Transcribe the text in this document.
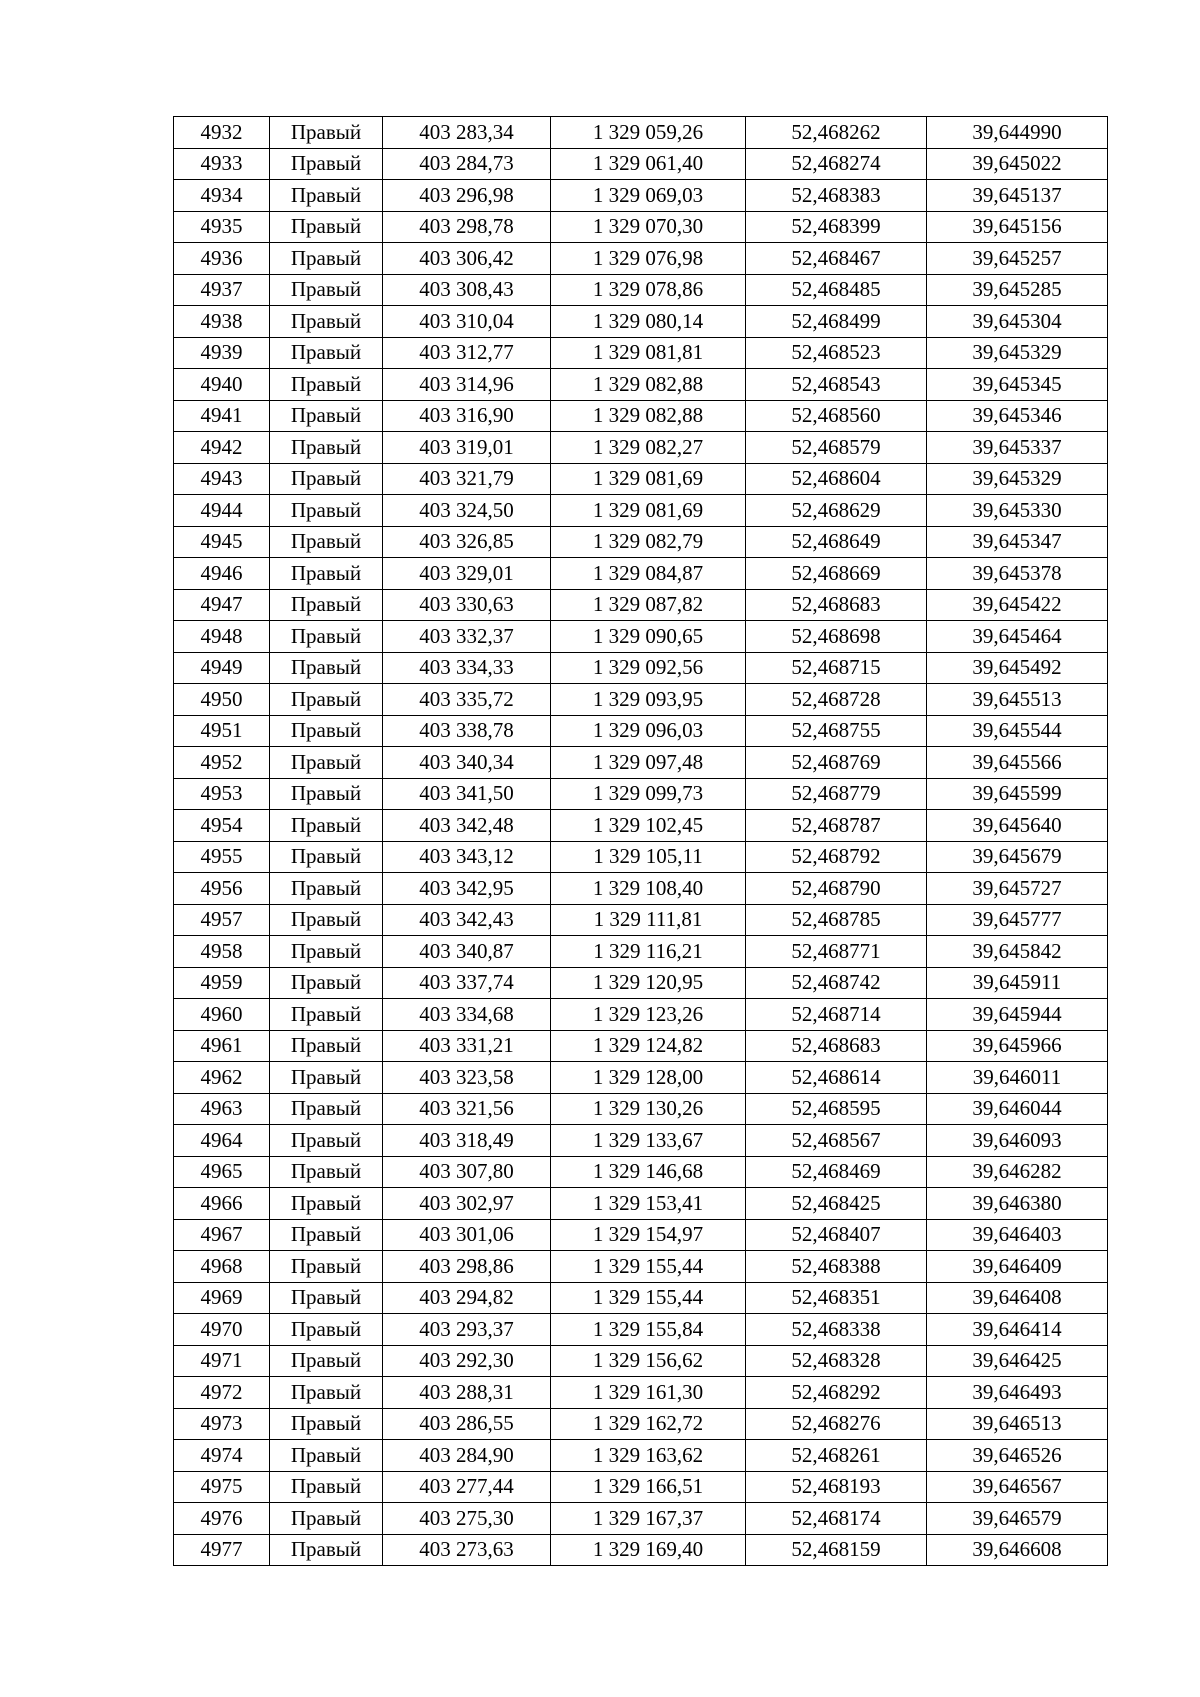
4932	Правый	403 283,34	1 329 059,26	52,468262	39,644990
4933	Правый	403 284,73	1 329 061,40	52,468274	39,645022
4934	Правый	403 296,98	1 329 069,03	52,468383	39,645137
4935	Правый	403 298,78	1 329 070,30	52,468399	39,645156
4936	Правый	403 306,42	1 329 076,98	52,468467	39,645257
4937	Правый	403 308,43	1 329 078,86	52,468485	39,645285
4938	Правый	403 310,04	1 329 080,14	52,468499	39,645304
4939	Правый	403 312,77	1 329 081,81	52,468523	39,645329
4940	Правый	403 314,96	1 329 082,88	52,468543	39,645345
4941	Правый	403 316,90	1 329 082,88	52,468560	39,645346
4942	Правый	403 319,01	1 329 082,27	52,468579	39,645337
4943	Правый	403 321,79	1 329 081,69	52,468604	39,645329
4944	Правый	403 324,50	1 329 081,69	52,468629	39,645330
4945	Правый	403 326,85	1 329 082,79	52,468649	39,645347
4946	Правый	403 329,01	1 329 084,87	52,468669	39,645378
4947	Правый	403 330,63	1 329 087,82	52,468683	39,645422
4948	Правый	403 332,37	1 329 090,65	52,468698	39,645464
4949	Правый	403 334,33	1 329 092,56	52,468715	39,645492
4950	Правый	403 335,72	1 329 093,95	52,468728	39,645513
4951	Правый	403 338,78	1 329 096,03	52,468755	39,645544
4952	Правый	403 340,34	1 329 097,48	52,468769	39,645566
4953	Правый	403 341,50	1 329 099,73	52,468779	39,645599
4954	Правый	403 342,48	1 329 102,45	52,468787	39,645640
4955	Правый	403 343,12	1 329 105,11	52,468792	39,645679
4956	Правый	403 342,95	1 329 108,40	52,468790	39,645727
4957	Правый	403 342,43	1 329 111,81	52,468785	39,645777
4958	Правый	403 340,87	1 329 116,21	52,468771	39,645842
4959	Правый	403 337,74	1 329 120,95	52,468742	39,645911
4960	Правый	403 334,68	1 329 123,26	52,468714	39,645944
4961	Правый	403 331,21	1 329 124,82	52,468683	39,645966
4962	Правый	403 323,58	1 329 128,00	52,468614	39,646011
4963	Правый	403 321,56	1 329 130,26	52,468595	39,646044
4964	Правый	403 318,49	1 329 133,67	52,468567	39,646093
4965	Правый	403 307,80	1 329 146,68	52,468469	39,646282
4966	Правый	403 302,97	1 329 153,41	52,468425	39,646380
4967	Правый	403 301,06	1 329 154,97	52,468407	39,646403
4968	Правый	403 298,86	1 329 155,44	52,468388	39,646409
4969	Правый	403 294,82	1 329 155,44	52,468351	39,646408
4970	Правый	403 293,37	1 329 155,84	52,468338	39,646414
4971	Правый	403 292,30	1 329 156,62	52,468328	39,646425
4972	Правый	403 288,31	1 329 161,30	52,468292	39,646493
4973	Правый	403 286,55	1 329 162,72	52,468276	39,646513
4974	Правый	403 284,90	1 329 163,62	52,468261	39,646526
4975	Правый	403 277,44	1 329 166,51	52,468193	39,646567
4976	Правый	403 275,30	1 329 167,37	52,468174	39,646579
4977	Правый	403 273,63	1 329 169,40	52,468159	39,646608
